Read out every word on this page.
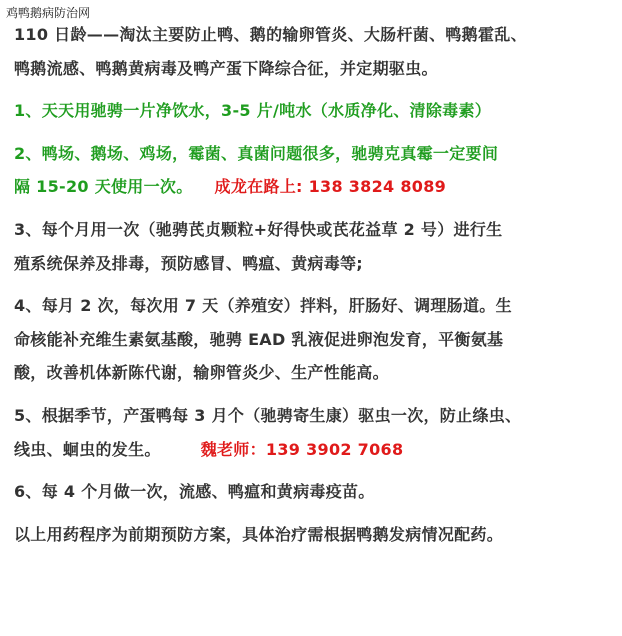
鸡鸭鹅病防治网
110 日龄——淘汰主要防止鸭、鹅的输卵管炎、大肠杆菌、鸭鹅霍乱、
鸭鹅流感、鸭鹅黄病毒及鸭产蛋下降综合征，并定期驱虫。
1、天天用驰骋一片净饮水，3-5 片/吨水（水质净化、清除毒素）
2、鸭场、鹅场、鸡场，霉菌、真菌问题很多，驰骋克真霉一定要间
隔 15-20 天使用一次。 成龙在路上: 138 3824 8089
3、每个月用一次（驰骋芪贞颗粒+好得快或芪花益草 2 号）进行生
殖系统保养及排毒，预防感冒、鸭瘟、黄病毒等;
4、每月 2 次，每次用 7 天（养殖安）拌料，肝肠好、调理肠道。生
命核能补充维生素氨基酸，驰骋 EAD 乳液促进卵泡发育，平衡氨基
酸，改善机体新陈代谢，输卵管炎少、生产性能高。
5、根据季节，产蛋鸭每 3 月个（驰骋寄生康）驱虫一次，防止绦虫、
线虫、蛔虫的发生。	魏老师：139 3902 7068
6、每 4 个月做一次，流感、鸭瘟和黄病毒疫苗。
以上用药程序为前期预防方案，具体治疗需根据鸭鹅发病情况配药。
